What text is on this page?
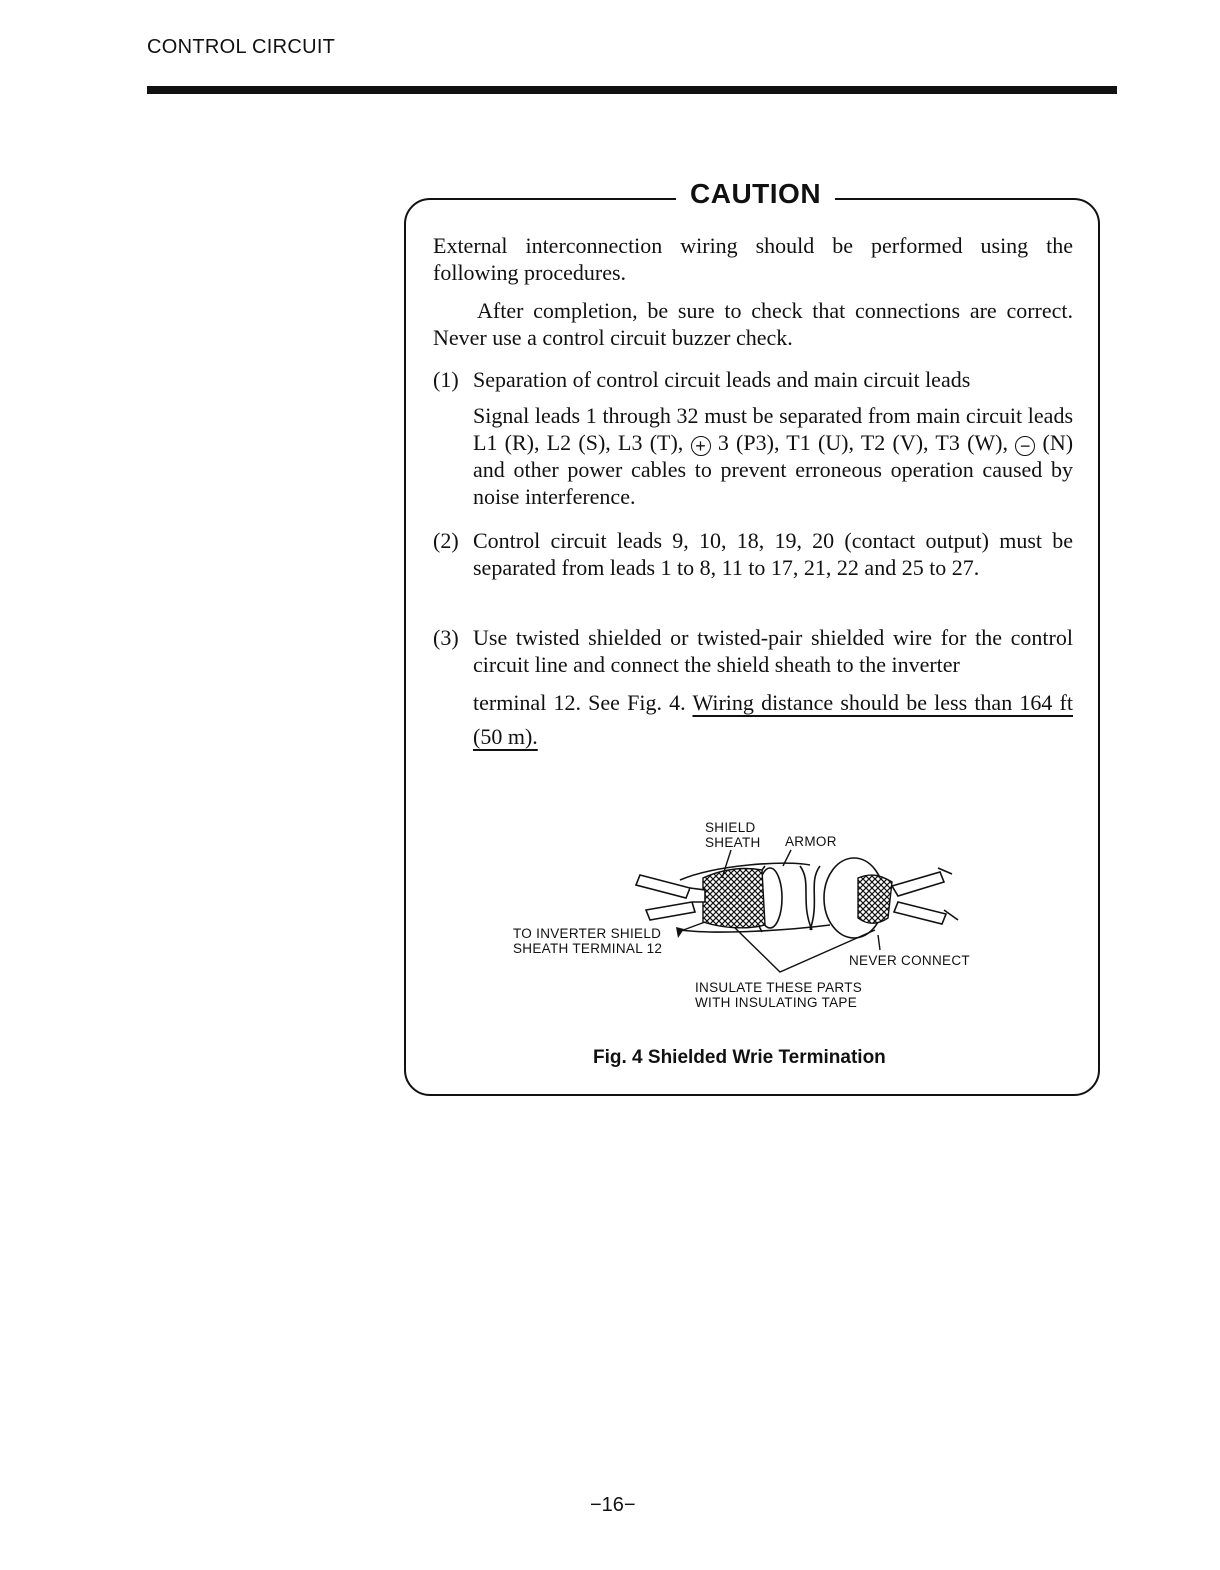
CONTROL CIRCUIT
CAUTION
External interconnection wiring should be performed using the following procedures.
After completion, be sure to check that connections are correct. Never use a control circuit buzzer check.
(1) Separation of control circuit leads and main circuit leads
Signal leads 1 through 32 must be separated from main circuit leads L1 (R), L2 (S), L3 (T), + 3 (P3), T1 (U), T2 (V), T3 (W), − (N) and other power cables to prevent erroneous operation caused by noise interference.
(2) Control circuit leads 9, 10, 18, 19, 20 (contact output) must be separated from leads 1 to 8, 11 to 17, 21, 22 and 25 to 27.
(3) Use twisted shielded or twisted-pair shielded wire for the control circuit line and connect the shield sheath to the inverter
terminal 12. See Fig. 4. Wiring distance should be less than 164 ft (50 m).
SHIELD
SHEATH ARMOR
TO INVERTER SHIELD
SHEATH TERMINAL 12
NEVER CONNECT
INSULATE THESE PARTS
WITH INSULATING TAPE
Fig. 4 Shielded Wrie Termination
−16−
